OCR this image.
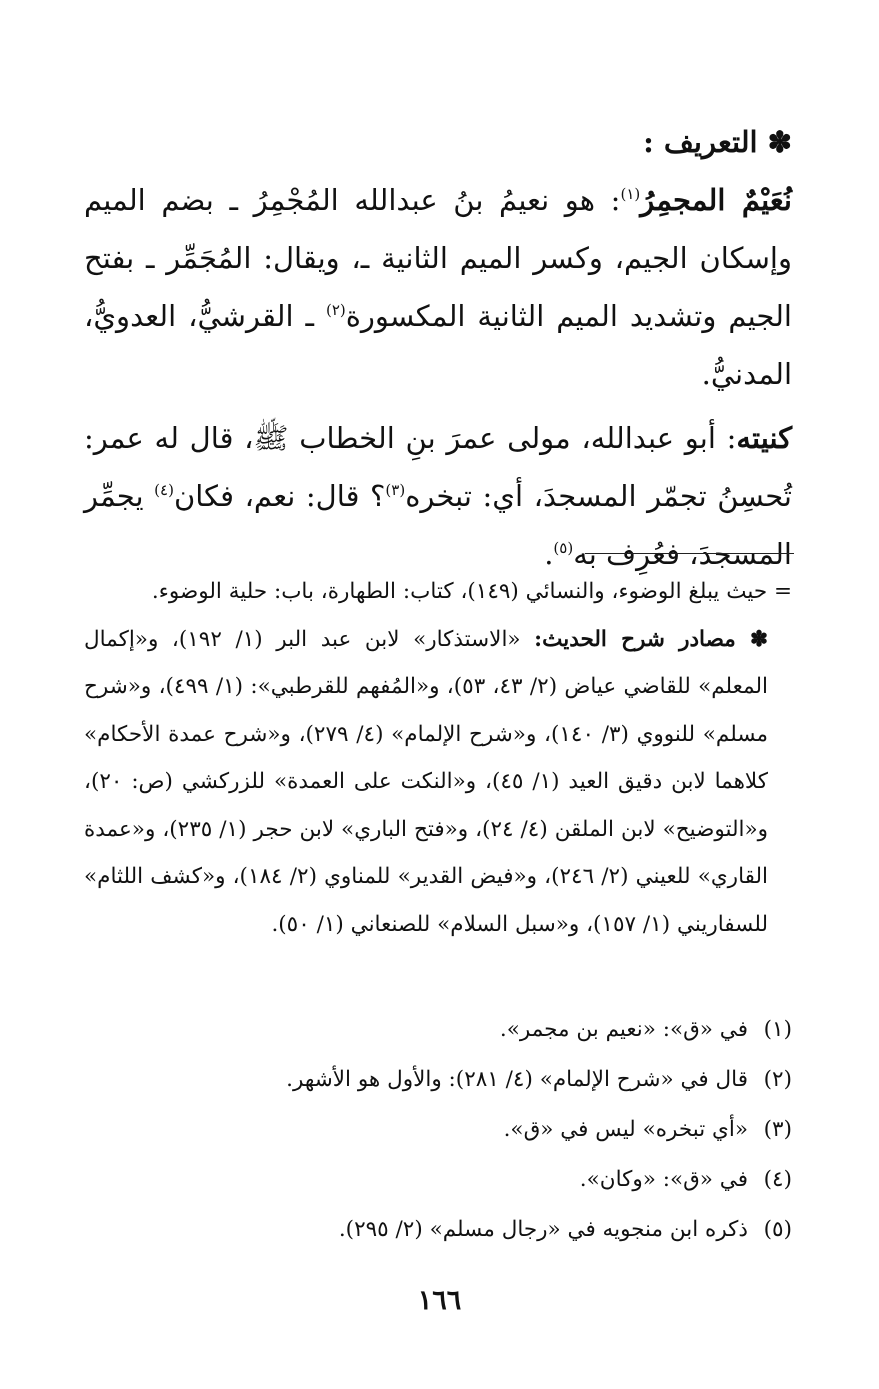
✽ التعريف :

نُعَيْمٌ المجمِرُ$^{(١)}$: هو نعيمُ بنُ عبدالله المُجْمِرُ ـ بضم الميم وإسكان الجيم، وكسر الميم الثانية ـ، ويقال: المُجَمِّر ـ بفتح الجيم وتشديد الميم الثانية المكسورة$^{(٢)}$ ـ القرشيُّ، العدويُّ، المدنيُّ.

كنيته: أبو عبدالله، مولى عمرَ بنِ الخطاب ﷺ، قال له عمر: تُحسِنُ تجمّر المسجدَ، أي: تبخره$^{(٣)}$؟ قال: نعم، فكان$^{(٤)}$ يجمِّر المسجدَ، فعُرِف به$^{(٥)}$.

= حيث يبلغ الوضوء، والنسائي (١٤٩)، كتاب: الطهارة، باب: حلية الوضوء.

✽ مصادر شرح الحديث: «الاستذكار» لابن عبد البر (١/ ١٩٢)، و«إكمال المعلم» للقاضي عياض (٢/ ٤٣، ٥٣)، و«المُفهم للقرطبي»: (١/ ٤٩٩)، و«شرح مسلم» للنووي (٣/ ١٤٠)، و«شرح الإلمام» (٤/ ٢٧٩)، و«شرح عمدة الأحكام» كلاهما لابن دقيق العيد (١/ ٤٥)، و«النكت على العمدة» للزركشي (ص: ٢٠)، و«التوضيح» لابن الملقن (٤/ ٢٤)، و«فتح الباري» لابن حجر (١/ ٢٣٥)، و«عمدة القاري» للعيني (٢/ ٢٤٦)، و«فيض القدير» للمناوي (٢/ ١٨٤)، و«كشف اللثام» للسفاريني (١/ ١٥٧)، و«سبل السلام» للصنعاني (١/ ٥٠).

(١)في «ق»: «نعيم بن مجمر».
(٢)قال في «شرح الإلمام» (٤/ ٢٨١): والأول هو الأشهر.
(٣)«أي تبخره» ليس في «ق».
(٤)في «ق»: «وكان».
(٥)ذكره ابن منجويه في «رجال مسلم» (٢/ ٢٩٥).
١٦٦
